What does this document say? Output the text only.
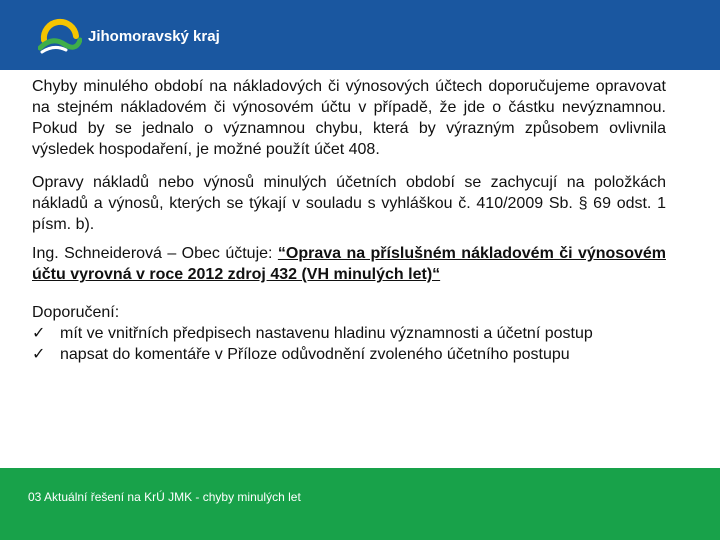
Jihomoravský kraj

Chyby minulého období na nákladových či výnosových účtech doporučujeme opravovat na stejném nákladovém či výnosovém účtu v případě, že jde o částku nevýznamnou. Pokud by se jednalo o významnou chybu, která by výrazným způsobem ovlivnila výsledek hospodaření, je možné použít účet 408.

Opravy nákladů nebo výnosů minulých účetních období se zachycují na položkách nákladů a výnosů, kterých se týkají v souladu s vyhláškou č. 410/2009 Sb. § 69 odst. 1 písm. b).

Ing. Schneiderová – Obec účtuje: “Oprava na příslušném nákladovém či výnosovém účtu vyrovná v roce 2012 zdroj 432 (VH minulých let)“

Doporučení:
✓ mít ve vnitřních předpisech nastavenu hladinu významnosti a účetní postup
✓ napsat do komentáře v Příloze odůvodnění zvoleného účetního postupu
03 Aktuální řešení na KrÚ JMK - chyby minulých let
